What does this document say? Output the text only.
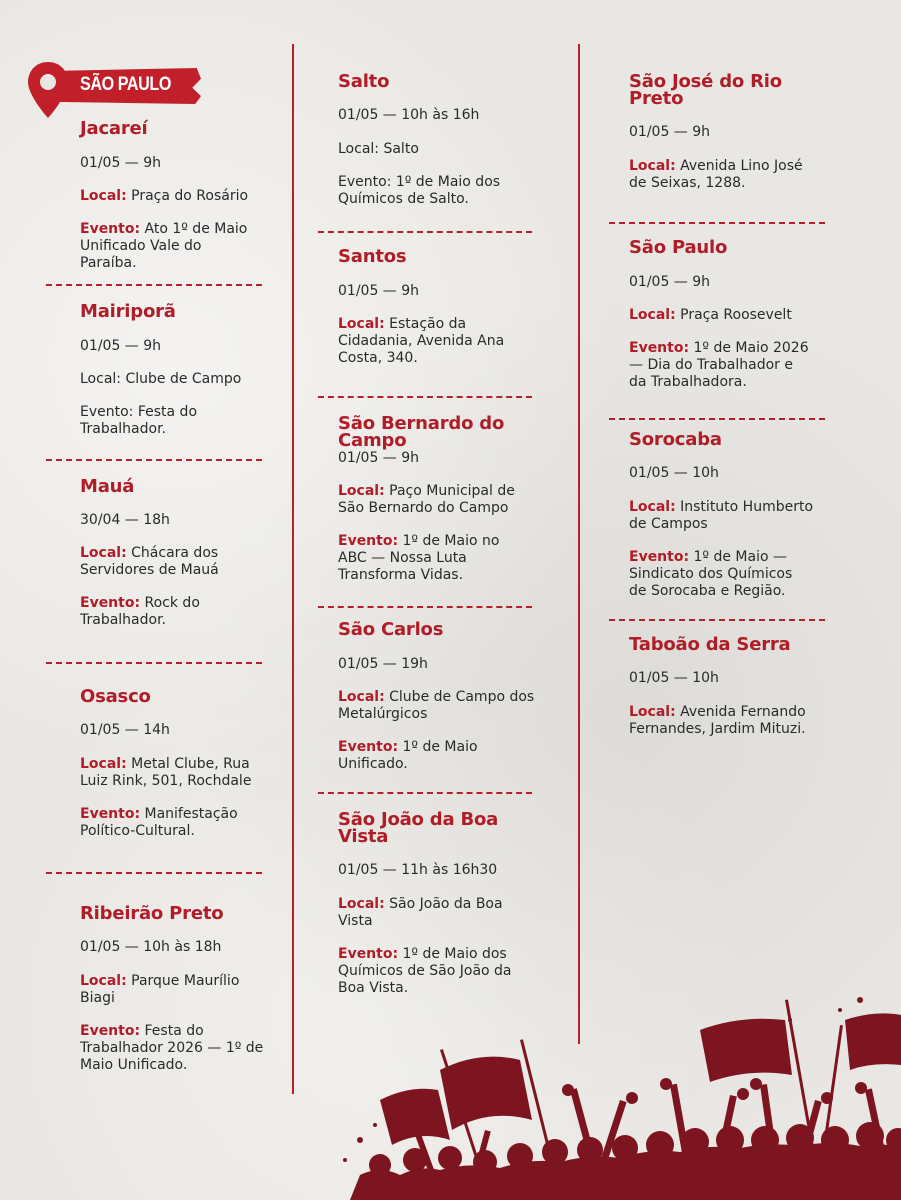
SÃO PAULO
Jacareí
01/05 — 9h
Local: Praça do Rosário
Evento: Ato 1º de Maio
Unificado Vale do
Paraíba.
Mairiporã
01/05 — 9h
Local: Clube de Campo
Evento: Festa do
Trabalhador.
Mauá
30/04 — 18h
Local: Chácara dos
Servidores de Mauá
Evento: Rock do
Trabalhador.
Osasco
01/05 — 14h
Local: Metal Clube, Rua
Luiz Rink, 501, Rochdale
Evento: Manifestação
Político-Cultural.
Ribeirão Preto
01/05 — 10h às 18h
Local: Parque Maurílio
Biagi
Evento: Festa do
Trabalhador 2026 — 1º de
Maio Unificado.
Salto
01/05 — 10h às 16h
Local: Salto
Evento: 1º de Maio dos
Químicos de Salto.
Santos
01/05 — 9h
Local: Estação da
Cidadania, Avenida Ana
Costa, 340.
São Bernardo do
Campo
01/05 — 9h
Local: Paço Municipal de
São Bernardo do Campo
Evento: 1º de Maio no
ABC — Nossa Luta
Transforma Vidas.
São Carlos
01/05 — 19h
Local: Clube de Campo dos
Metalúrgicos
Evento: 1º de Maio
Unificado.
São João da Boa
Vista
01/05 — 11h às 16h30
Local: São João da Boa
Vista
Evento: 1º de Maio dos
Químicos de São João da
Boa Vista.
São José do Rio
Preto
01/05 — 9h
Local: Avenida Lino José
de Seixas, 1288.
São Paulo
01/05 — 9h
Local: Praça Roosevelt
Evento: 1º de Maio 2026
— Dia do Trabalhador e
da Trabalhadora.
Sorocaba
01/05 — 10h
Local: Instituto Humberto
de Campos
Evento: 1º de Maio —
Sindicato dos Químicos
de Sorocaba e Região.
Taboão da Serra
01/05 — 10h
Local: Avenida Fernando
Fernandes, Jardim Mituzi.
